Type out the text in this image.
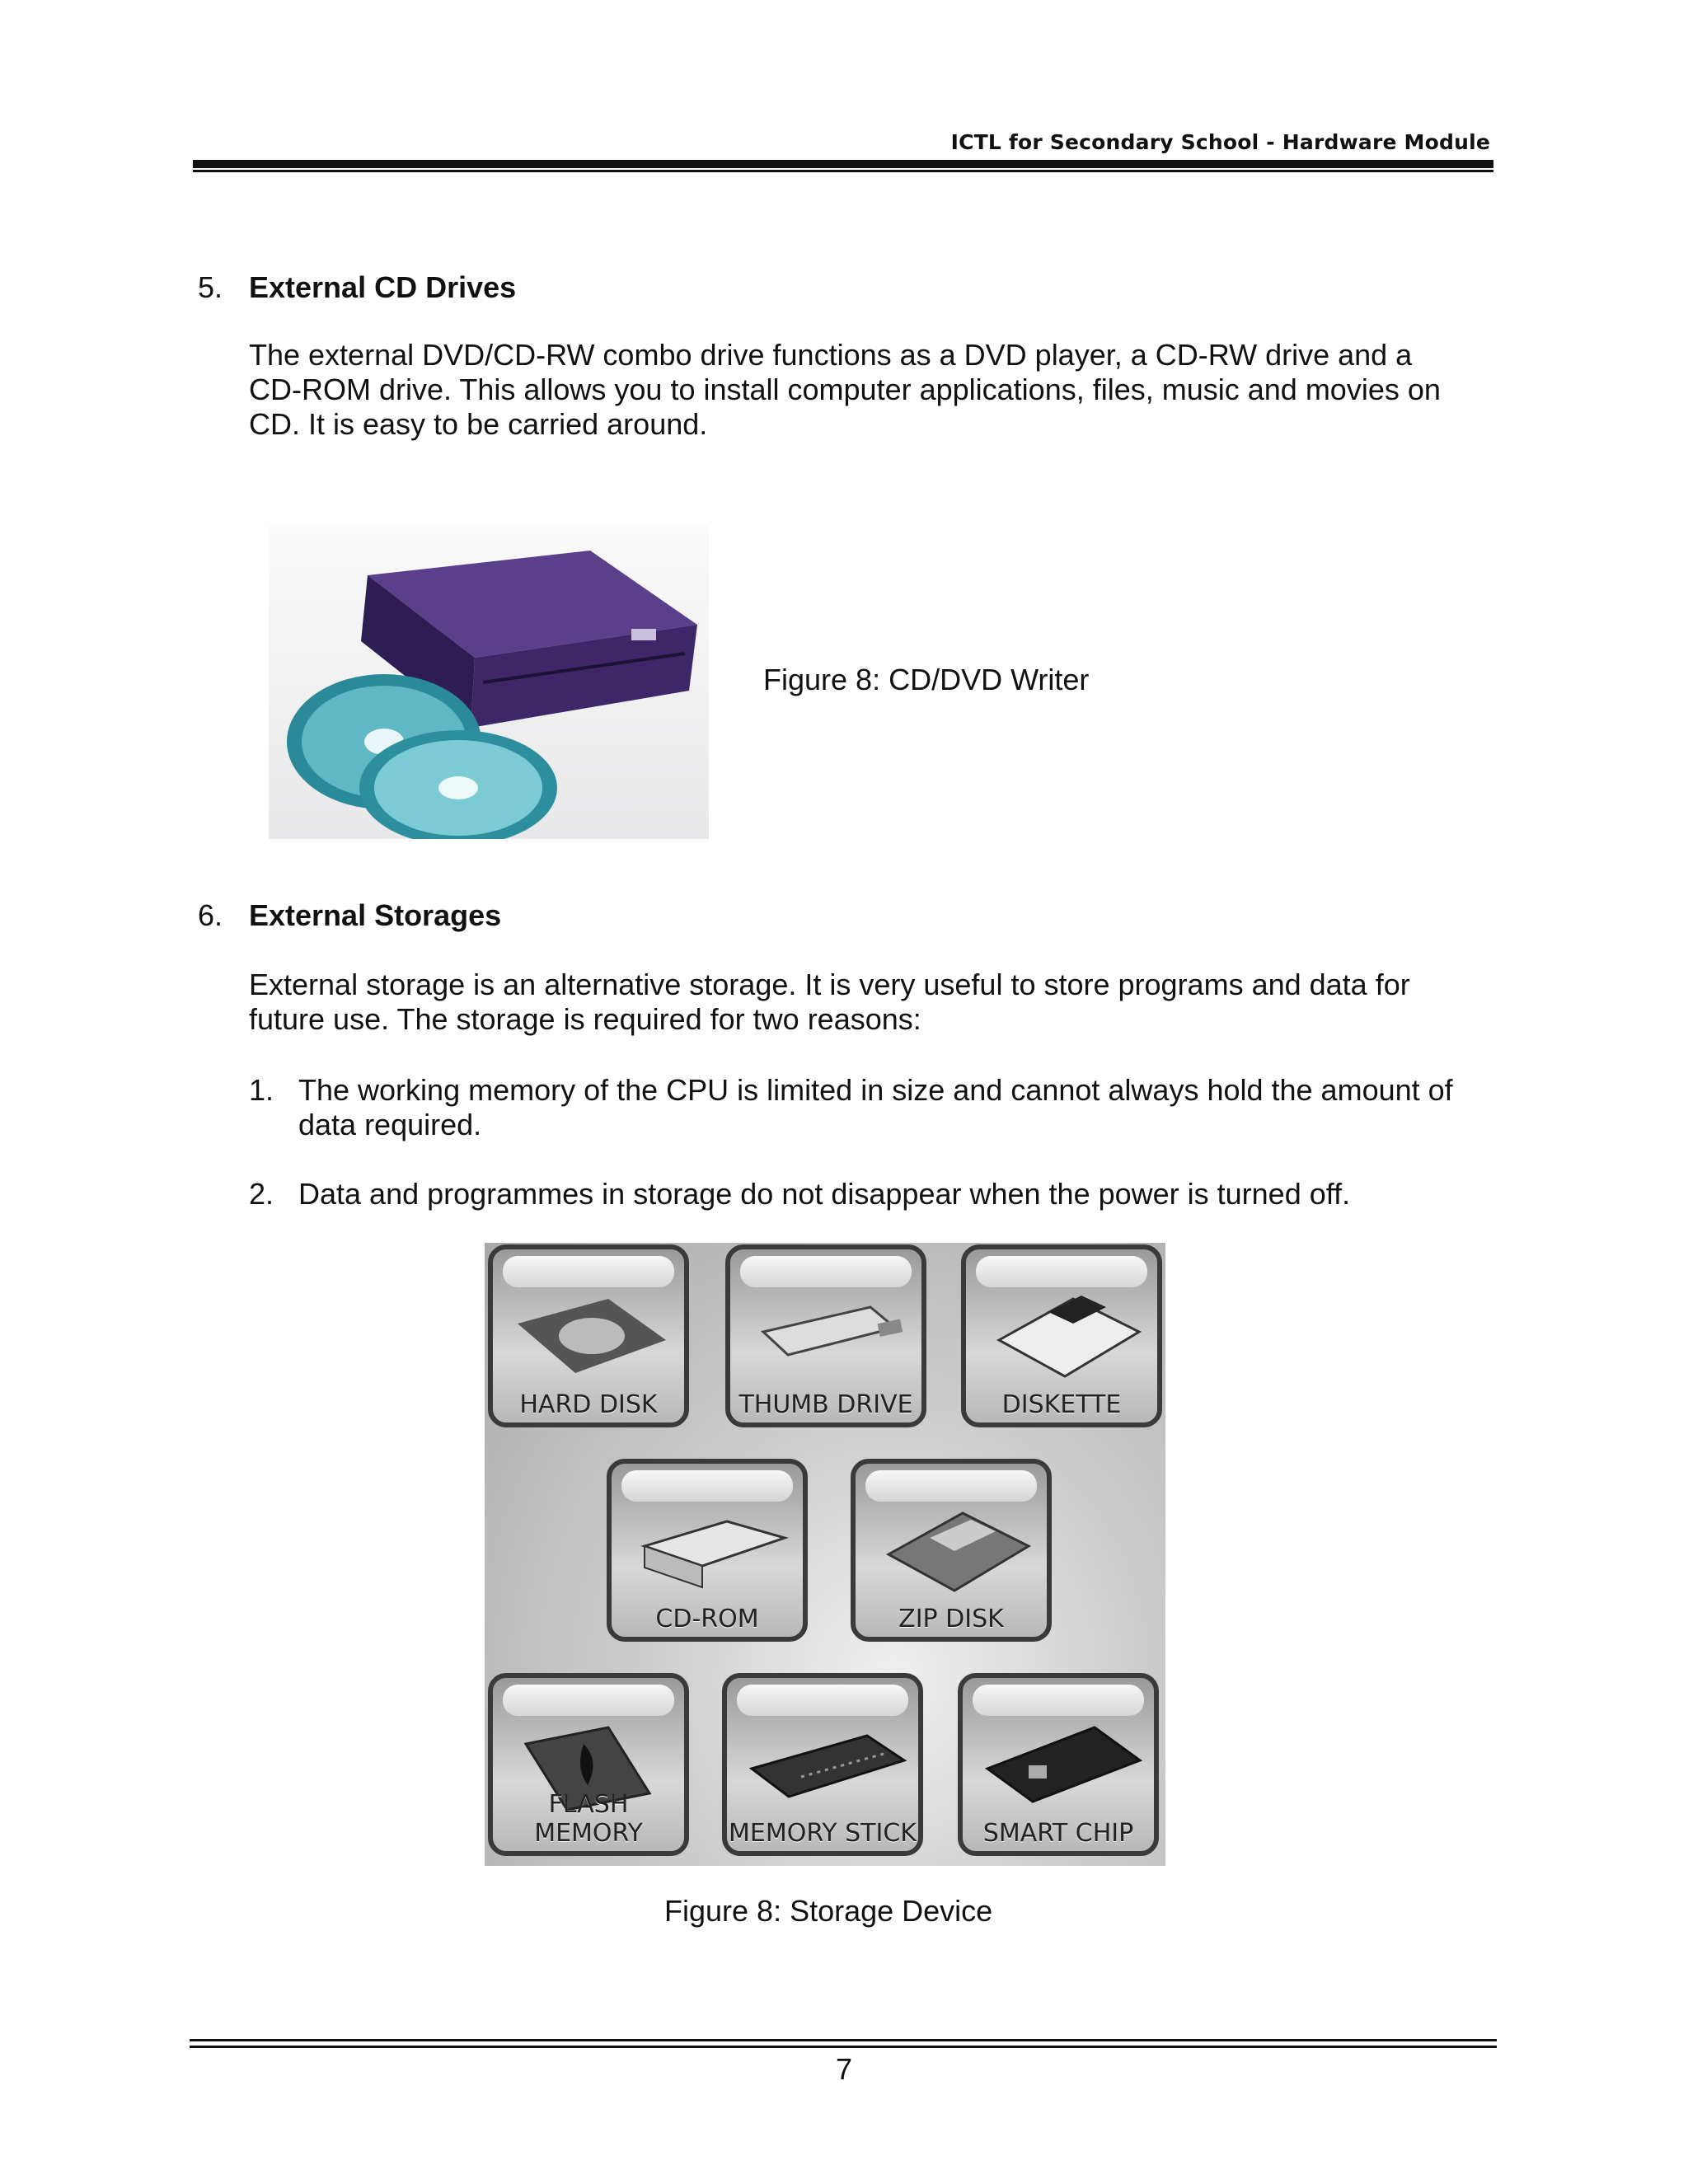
ICTL for Secondary School - Hardware Module
5. External CD Drives
The external DVD/CD-RW combo drive functions as a DVD player, a CD-RW drive and a
CD-ROM drive. This allows you to install computer applications, files, music and movies on
CD. It is easy to be carried around.
Figure 8: CD/DVD Writer
6. External Storages
External storage is an alternative storage. It is very useful to store programs and data for
future use. The storage is required for two reasons:
1. The working memory of the CPU is limited in size and cannot always hold the amount of
data required.
2. Data and programmes in storage do not disappear when the power is turned off.
HARD DISK	THUMB DRIVE	DISKETTE
CD-ROM	ZIP DISK
FLASH MEMORY	MEMORY STICK	SMART CHIP
Figure 8: Storage Device
7
